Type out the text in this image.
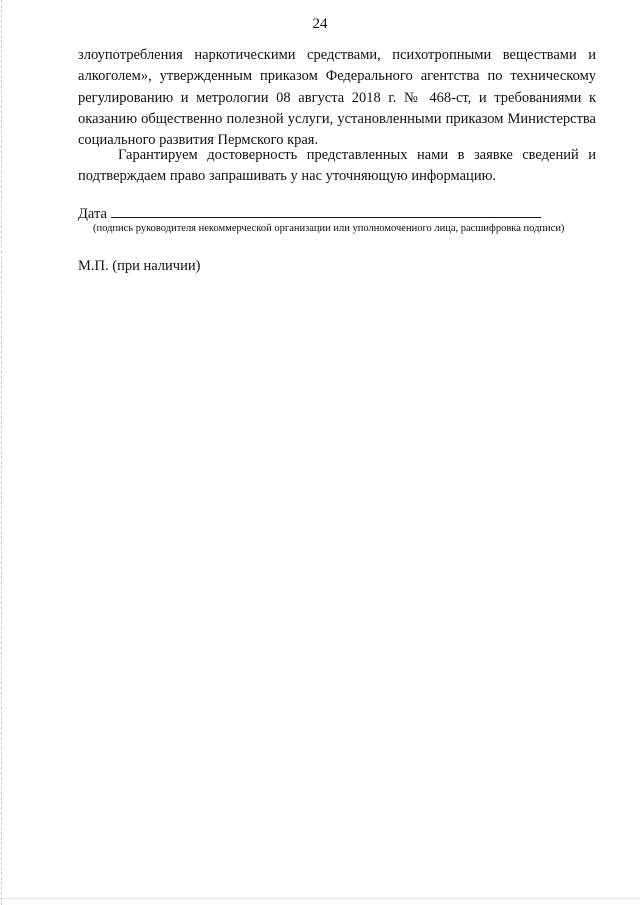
24

злоупотребления наркотическими средствами, психотропными веществами и алкоголем», утвержденным приказом Федерального агентства по техническому регулированию и метрологии 08 августа 2018 г. № 468-ст, и требованиями к оказанию общественно полезной услуги, установленными приказом Министерства социального развития Пермского края.

Гарантируем достоверность представленных нами в заявке сведений и подтверждаем право запрашивать у нас уточняющую информацию.

Дата
(подпись руководителя некоммерческой организации или уполномоченного лица, расшифровка подписи)
М.П. (при наличии)
